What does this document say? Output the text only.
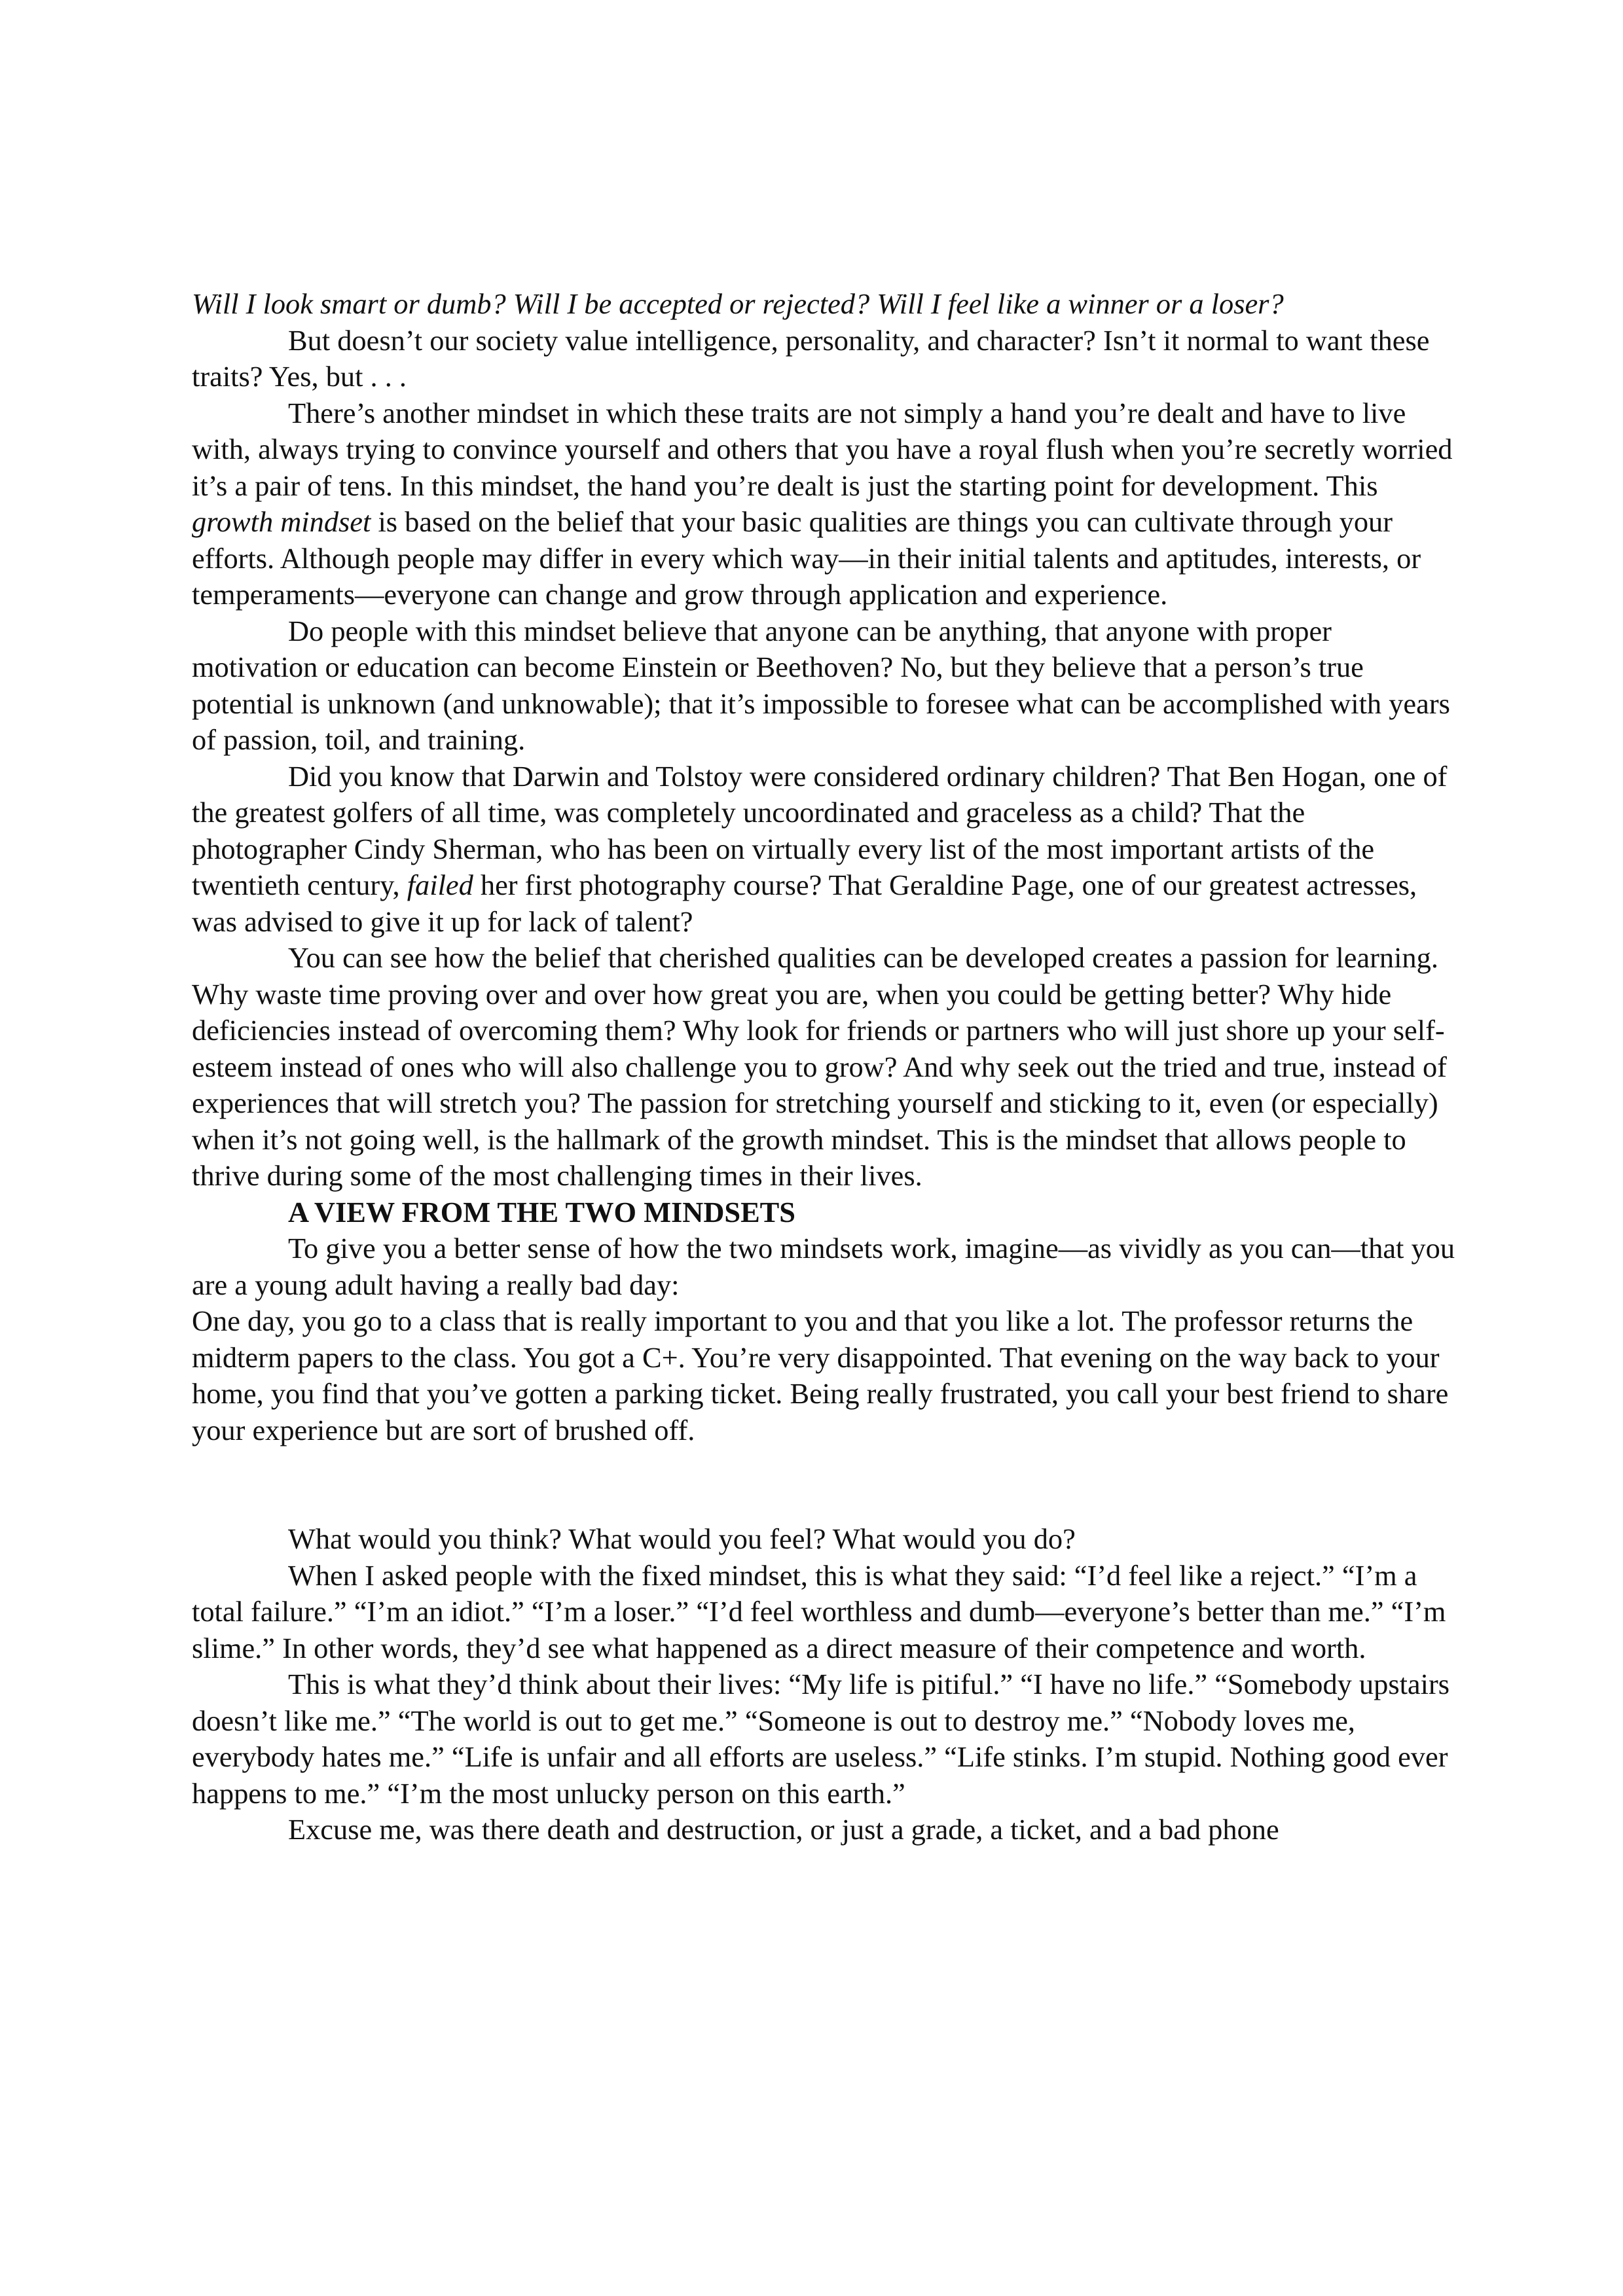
Will I look smart or dumb? Will I be accepted or rejected? Will I feel like a winner or a loser?

But doesn’t our society value intelligence, personality, and character? Isn’t it normal to want these traits? Yes, but . . .

There’s another mindset in which these traits are not simply a hand you’re dealt and have to live with, always trying to convince yourself and others that you have a royal flush when you’re secretly worried it’s a pair of tens. In this mindset, the hand you’re dealt is just the starting point for development. This growth mindset is based on the belief that your basic qualities are things you can cultivate through your efforts. Although people may differ in every which way—in their initial talents and aptitudes, interests, or temperaments—everyone can change and grow through application and experience.

Do people with this mindset believe that anyone can be anything, that anyone with proper motivation or education can become Einstein or Beethoven? No, but they believe that a person’s true potential is unknown (and unknowable); that it’s impossible to foresee what can be accomplished with years of passion, toil, and training.

Did you know that Darwin and Tolstoy were considered ordinary children? That Ben Hogan, one of the greatest golfers of all time, was completely uncoordinated and graceless as a child? That the photographer Cindy Sherman, who has been on virtually every list of the most important artists of the twentieth century, failed her first photography course? That Geraldine Page, one of our greatest actresses, was advised to give it up for lack of talent?

You can see how the belief that cherished qualities can be developed creates a passion for learning. Why waste time proving over and over how great you are, when you could be getting better? Why hide deficiencies instead of overcoming them? Why look for friends or partners who will just shore up your self-esteem instead of ones who will also challenge you to grow? And why seek out the tried and true, instead of experiences that will stretch you? The passion for stretching yourself and sticking to it, even (or especially) when it’s not going well, is the hallmark of the growth mindset. This is the mindset that allows people to thrive during some of the most challenging times in their lives.

A VIEW FROM THE TWO MINDSETS

To give you a better sense of how the two mindsets work, imagine—as vividly as you can—that you are a young adult having a really bad day:

One day, you go to a class that is really important to you and that you like a lot. The professor returns the midterm papers to the class. You got a C+. You’re very disappointed. That evening on the way back to your home, you find that you’ve gotten a parking ticket. Being really frustrated, you call your best friend to share your experience but are sort of brushed off.

What would you think? What would you feel? What would you do?

When I asked people with the fixed mindset, this is what they said: “I’d feel like a reject.” “I’m a total failure.” “I’m an idiot.” “I’m a loser.” “I’d feel worthless and dumb—everyone’s better than me.” “I’m slime.” In other words, they’d see what happened as a direct measure of their competence and worth.

This is what they’d think about their lives: “My life is pitiful.” “I have no life.” “Somebody upstairs doesn’t like me.” “The world is out to get me.” “Someone is out to destroy me.” “Nobody loves me, everybody hates me.” “Life is unfair and all efforts are useless.” “Life stinks. I’m stupid. Nothing good ever happens to me.” “I’m the most unlucky person on this earth.”

Excuse me, was there death and destruction, or just a grade, a ticket, and a bad phone
